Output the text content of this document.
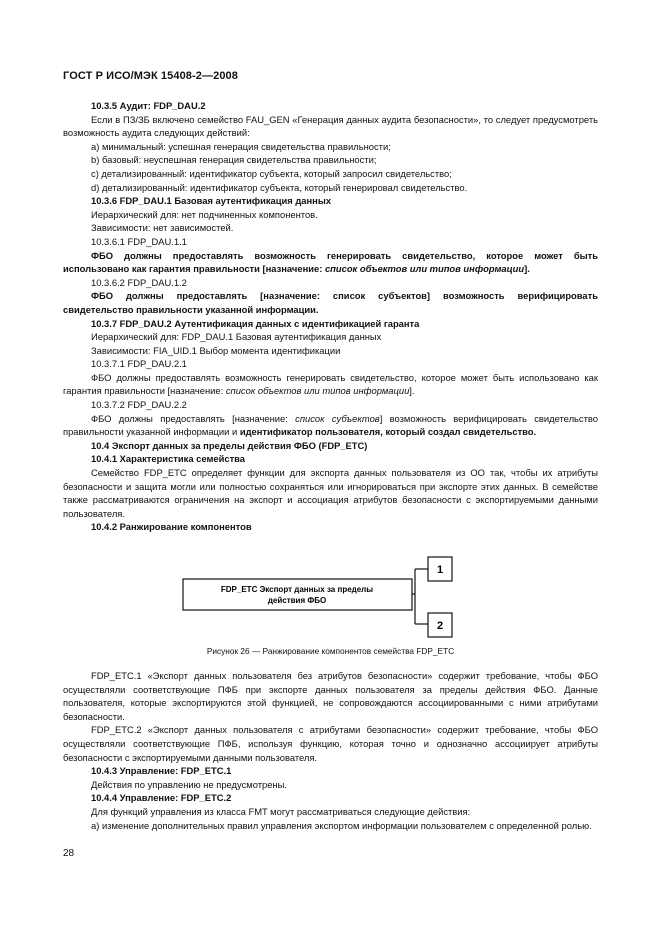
ГОСТ Р ИСО/МЭК 15408-2—2008

10.3.5 Аудит: FDP_DAU.2

Если в ПЗ/ЗБ включено семейство FAU_GEN «Генерация данных аудита безопасности», то следует предусмотреть возможность аудита следующих действий:

a) минимальный: успешная генерация свидетельства правильности;

b) базовый: неуспешная генерация свидетельства правильности;

c) детализированный: идентификатор субъекта, который запросил свидетельство;

d) детализированный: идентификатор субъекта, который генерировал свидетельство.

10.3.6 FDP_DAU.1 Базовая аутентификация данных

Иерархический для: нет подчиненных компонентов.

Зависимости: нет зависимостей.

10.3.6.1 FDP_DAU.1.1

ФБО должны предоставлять возможность генерировать свидетельство, которое может быть использовано как гарантия правильности [назначение: список объектов или типов информации].

10.3.6.2 FDP_DAU.1.2

ФБО должны предоставлять [назначение: список субъектов] возможность верифицировать свидетельство правильности указанной информации.

10.3.7 FDP_DAU.2 Аутентификация данных с идентификацией гаранта

Иерархический для: FDP_DAU.1 Базовая аутентификация данных

Зависимости: FIA_UID.1 Выбор момента идентификации

10.3.7.1 FDP_DAU.2.1

ФБО должны предоставлять возможность генерировать свидетельство, которое может быть использовано как гарантия правильности [назначение: список объектов или типов информации].

10.3.7.2 FDP_DAU.2.2

ФБО должны предоставлять [назначение: список субъектов] возможность верифицировать свидетельство правильности указанной информации и идентификатор пользователя, который создал свидетельство.

10.4 Экспорт данных за пределы действия ФБО (FDP_ETC)

10.4.1 Характеристика семейства

Семейство FDP_ETC определяет функции для экспорта данных пользователя из ОО так, чтобы их атрибуты безопасности и защита могли или полностью сохраняться или игнорироваться при экспорте этих данных. В семействе также рассматриваются ограничения на экспорт и ассоциация атрибутов безопасности с экспортируемыми данными пользователя.

10.4.2 Ранжирование компонентов

FDP_ETC Экспорт данных за пределы
действия ФБО
1
2
Рисунок 26 — Ранжирование компонентов семейства FDP_ETC

FDP_ETC.1 «Экспорт данных пользователя без атрибутов безопасности» содержит требование, чтобы ФБО осуществляли соответствующие ПФБ при экспорте данных пользователя за пределы действия ФБО. Данные пользователя, которые экспортируются этой функцией, не сопровождаются ассоциированными с ними атрибутами безопасности.

FDP_ETC.2 «Экспорт данных пользователя с атрибутами безопасности» содержит требование, чтобы ФБО осуществляли соответствующие ПФБ, используя функцию, которая точно и однозначно ассоциирует атрибуты безопасности с экспортируемыми данными пользователя.

10.4.3 Управление: FDP_ETC.1

Действия по управлению не предусмотрены.

10.4.4 Управление: FDP_ETC.2

Для функций управления из класса FMT могут рассматриваться следующие действия:

a) изменение дополнительных правил управления экспортом информации пользователем с определенной ролью.

28
